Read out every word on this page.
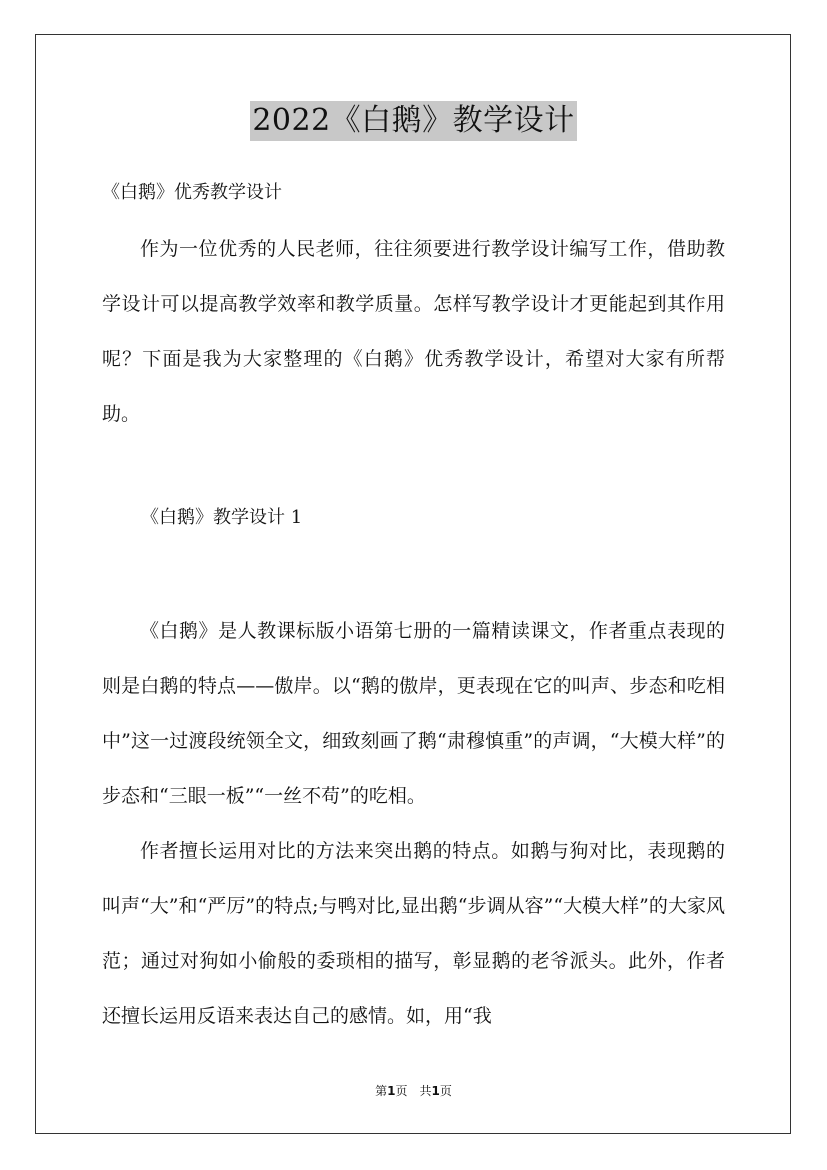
2022《白鹅》教学设计
《白鹅》优秀教学设计

作为一位优秀的人民老师，往往须要进行教学设计编写工作，借助教学设计可以提高教学效率和教学质量。怎样写教学设计才更能起到其作用呢？下面是我为大家整理的《白鹅》优秀教学设计，希望对大家有所帮助。

《白鹅》教学设计 1

《白鹅》是人教课标版小语第七册的一篇精读课文，作者重点表现的则是白鹅的特点——傲岸。以“鹅的傲岸，更表现在它的叫声、步态和吃相中”这一过渡段统领全文，细致刻画了鹅“肃穆慎重”的声调，“大模大样”的步态和“三眼一板”“一丝不苟”的吃相。

作者擅长运用对比的方法来突出鹅的特点。如鹅与狗对比，表现鹅的叫声“大”和“严厉”的特点;与鸭对比,显出鹅“步调从容”“大模大样”的大家风范；通过对狗如小偷般的委琐相的描写，彰显鹅的老爷派头。此外，作者还擅长运用反语来表达自己的感情。如，用“我

第1页　共1页
